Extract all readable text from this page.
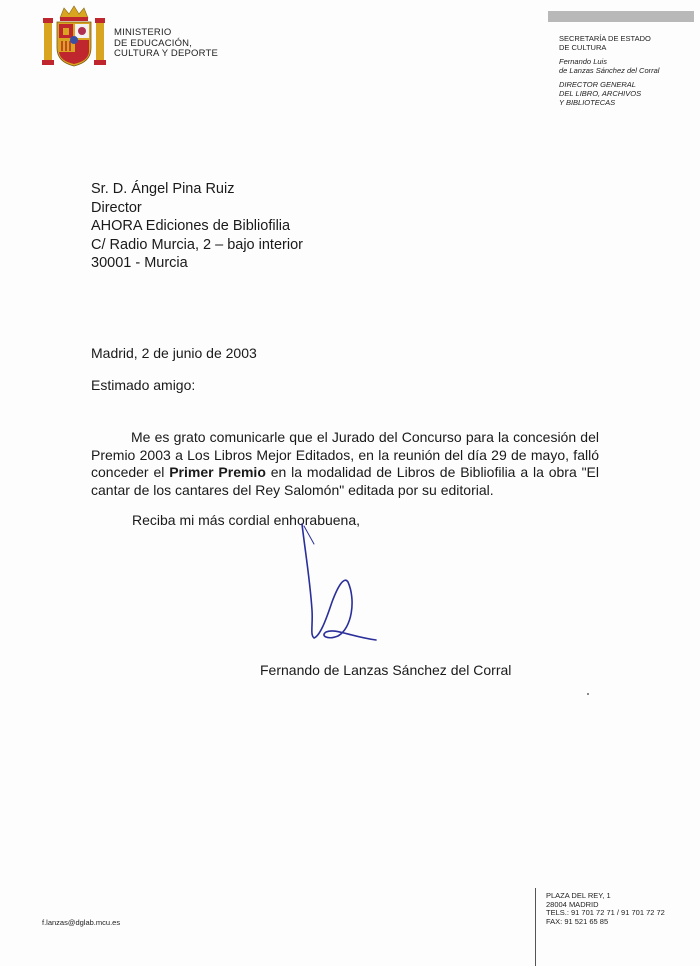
MINISTERIO
DE EDUCACIÓN,
CULTURA Y DEPORTE
SECRETARÍA DE ESTADO
DE CULTURA
Fernando Luis
de Lanzas Sánchez del Corral
DIRECTOR GENERAL
DEL LIBRO, ARCHIVOS
Y BIBLIOTECAS
Sr. D. Ángel Pina Ruiz
Director
AHORA Ediciones de Bibliofilia
C/ Radio Murcia, 2 – bajo interior
30001 - Murcia
Madrid, 2 de junio de 2003
Estimado amigo:

Me es grato comunicarle que el Jurado del Concurso para la concesión del Premio 2003 a Los Libros Mejor Editados, en la reunión del día 29 de mayo, falló conceder el Primer Premio en la modalidad de Libros de Bibliofilia a la obra "El cantar de los cantares del Rey Salomón" editada por su editorial.

Reciba mi más cordial enhorabuena,
Fernando de Lanzas Sánchez del Corral
f.lanzas@dglab.mcu.es
PLAZA DEL REY, 1
28004 MADRID
TELS.: 91 701 72 71 / 91 701 72 72
FAX: 91 521 65 85
